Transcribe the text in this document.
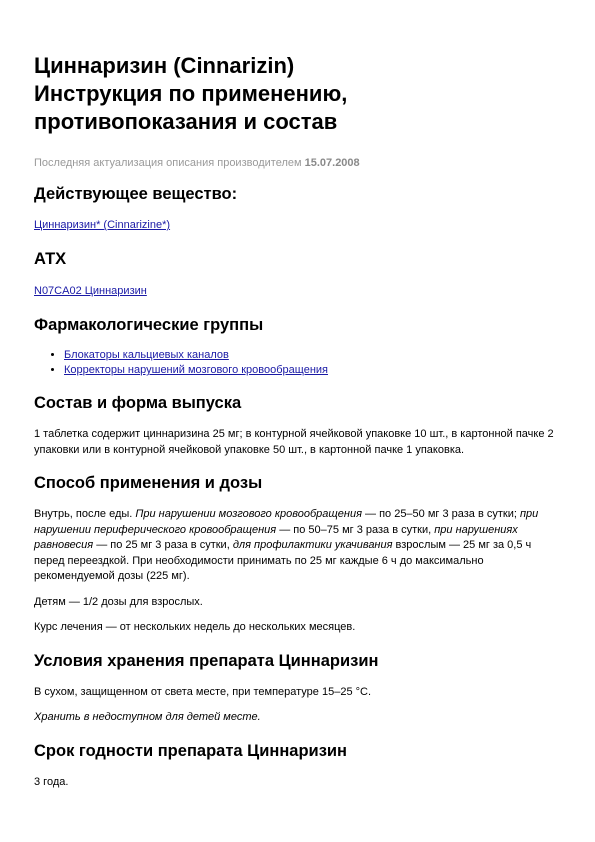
Циннаризин (Cinnarizin)
Инструкция по применению,
противопоказания и состав
Последняя актуализация описания производителем 15.07.2008
Действующее вещество:

Циннаризин* (Cinnarizine*)

АТХ

N07CA02 Циннаризин

Фармакологические группы
• Блокаторы кальциевых каналов
• Корректоры нарушений мозгового кровообращения
Состав и форма выпуска

1 таблетка содержит циннаризина 25 мг; в контурной ячейковой упаковке 10 шт., в картонной пачке 2 упаковки или в контурной ячейковой упаковке 50 шт., в картонной пачке 1 упаковка.

Способ применения и дозы

Внутрь, после еды. При нарушении мозгового кровообращения — по 25–50 мг 3 раза в сутки; при нарушении периферического кровообращения — по 50–75 мг 3 раза в сутки, при нарушениях равновесия — по 25 мг 3 раза в сутки, для профилактики укачивания взрослым — 25 мг за 0,5 ч перед переездкой. При необходимости принимать по 25 мг каждые 6 ч до максимально рекомендуемой дозы (225 мг).

Детям — 1/2 дозы для взрослых.

Курс лечения — от нескольких недель до нескольких месяцев.

Условия хранения препарата Циннаризин

В сухом, защищенном от света месте, при температуре 15–25 °C.

Хранить в недоступном для детей месте.

Срок годности препарата Циннаризин

3 года.
